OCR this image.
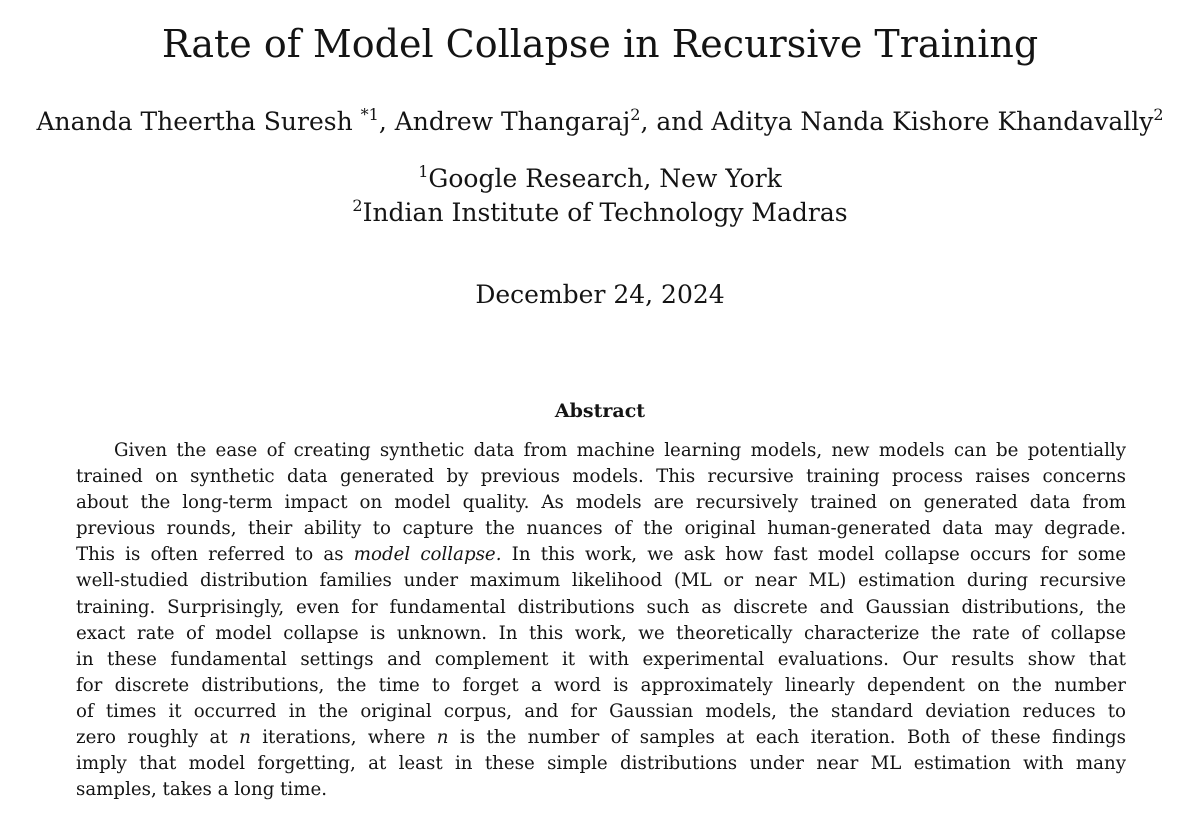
Rate of Model Collapse in Recursive Training
Ananda Theertha Suresh $^{*1}$, Andrew Thangaraj$^2$, and Aditya Nanda Kishore Khandavally$^2$
$^1$Google Research, New York
$^2$Indian Institute of Technology Madras
December 24, 2024
Abstract
Given the ease of creating synthetic data from machine learning models, new models can be potentially
trained on synthetic data generated by previous models. This recursive training process raises concerns
about the long-term impact on model quality. As models are recursively trained on generated data from
previous rounds, their ability to capture the nuances of the original human-generated data may degrade.
This is often referred to as model collapse. In this work, we ask how fast model collapse occurs for some
well-studied distribution families under maximum likelihood (ML or near ML) estimation during recursive
training. Surprisingly, even for fundamental distributions such as discrete and Gaussian distributions, the
exact rate of model collapse is unknown. In this work, we theoretically characterize the rate of collapse
in these fundamental settings and complement it with experimental evaluations. Our results show that
for discrete distributions, the time to forget a word is approximately linearly dependent on the number
of times it occurred in the original corpus, and for Gaussian models, the standard deviation reduces to
zero roughly at n iterations, where n is the number of samples at each iteration. Both of these findings
imply that model forgetting, at least in these simple distributions under near ML estimation with many
samples, takes a long time.
